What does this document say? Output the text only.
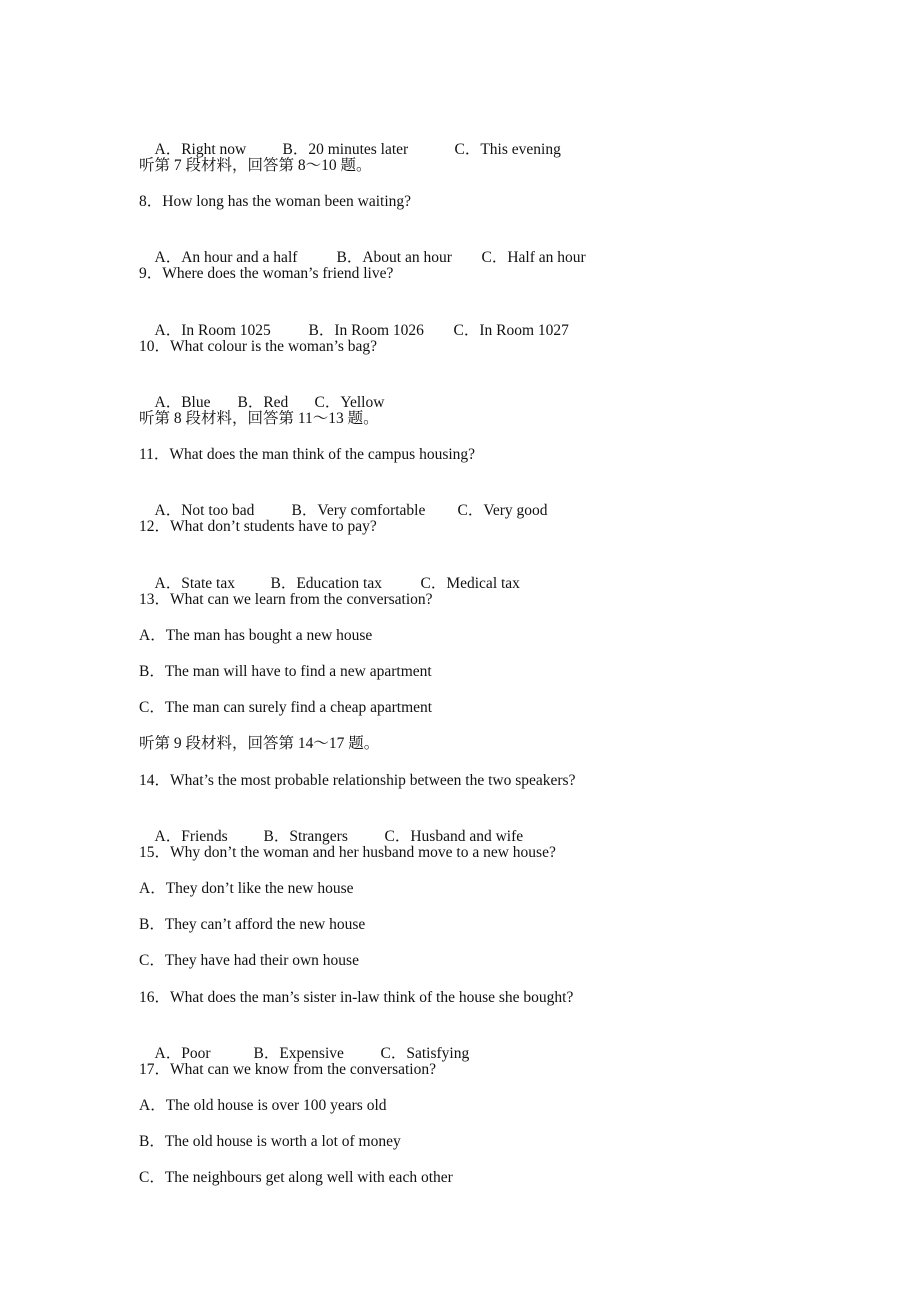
A．Right now B．20 minutes later	C．This evening

听第 7 段材料，回答第 8～10 题。
8．How long has the woman been waiting?

A．An hour and a half	B．About an hour C．Half an hour

9．Where does the woman’s friend live?

A．In Room 1025 B．In Room 1026 C．In Room 1027

10．What colour is the woman’s bag?

A．Blue B．Red C．Yellow

听第 8 段材料，回答第 11～13 题。
11．What does the man think of the campus housing?

A．Not too bad B．Very comfortable C．Very good

12．What don’t students have to pay?

A．State tax B．Education tax C．Medical tax

13．What can we learn from the conversation?
A．The man has bought a new house
B．The man will have to find a new apartment
C．The man can surely find a cheap apartment
听第 9 段材料，回答第 14～17 题。
14．What’s the most probable relationship between the two speakers?

A．Friends B．Strangers C．Husband and wife

15．Why don’t the woman and her husband move to a new house?
A．They don’t like the new house
B．They can’t afford the new house
C．They have had their own house
16．What does the man’s sister in-law think of the house she bought?

A．Poor	B．Expensive C．Satisfying

17．What can we know from the conversation?
A．The old house is over 100 years old
B．The old house is worth a lot of money
C．The neighbours get along well with each other
